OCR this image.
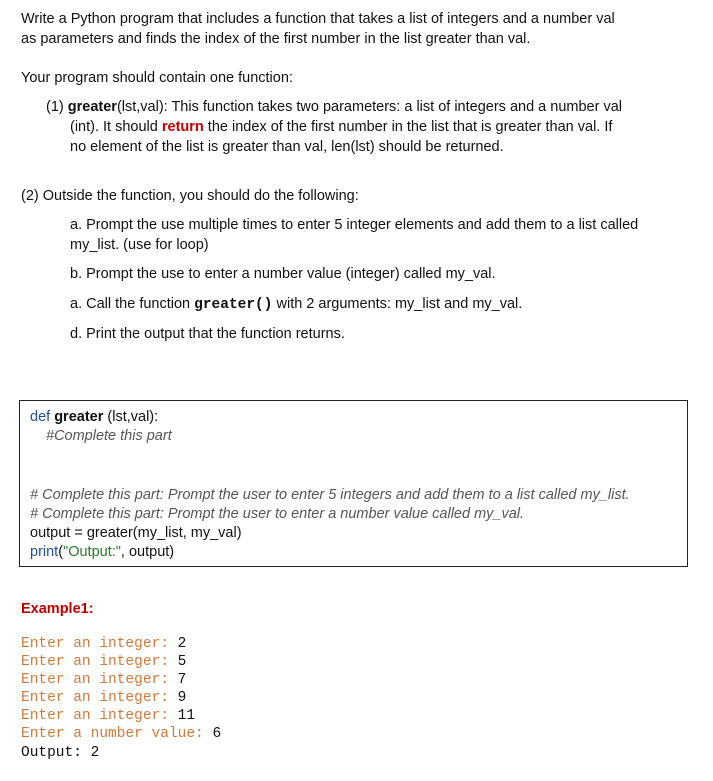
Write a Python program that includes a function that takes a list of integers and a number val
as parameters and finds the index of the first number in the list greater than val.
Your program should contain one function:
(1) greater(lst,val): This function takes two parameters: a list of integers and a number val
(int). It should return the index of the first number in the list that is greater than val. If
no element of the list is greater than val, len(lst) should be returned.
(2) Outside the function, you should do the following:
a. Prompt the use multiple times to enter 5 integer elements and add them to a list called
my_list. (use for loop)
b. Prompt the use to enter a number value (integer) called my_val.
a. Call the function greater() with 2 arguments: my_list and my_val.
d. Print the output that the function returns.
def greater (lst,val):
#Complete this part
# Complete this part: Prompt the user to enter 5 integers and add them to a list called my_list.
# Complete this part: Prompt the user to enter a number value called my_val.
output = greater(my_list, my_val)
print("Output:", output)
Example1:
Enter an integer: 2
Enter an integer: 5
Enter an integer: 7
Enter an integer: 9
Enter an integer: 11
Enter a number value: 6
Output: 2
